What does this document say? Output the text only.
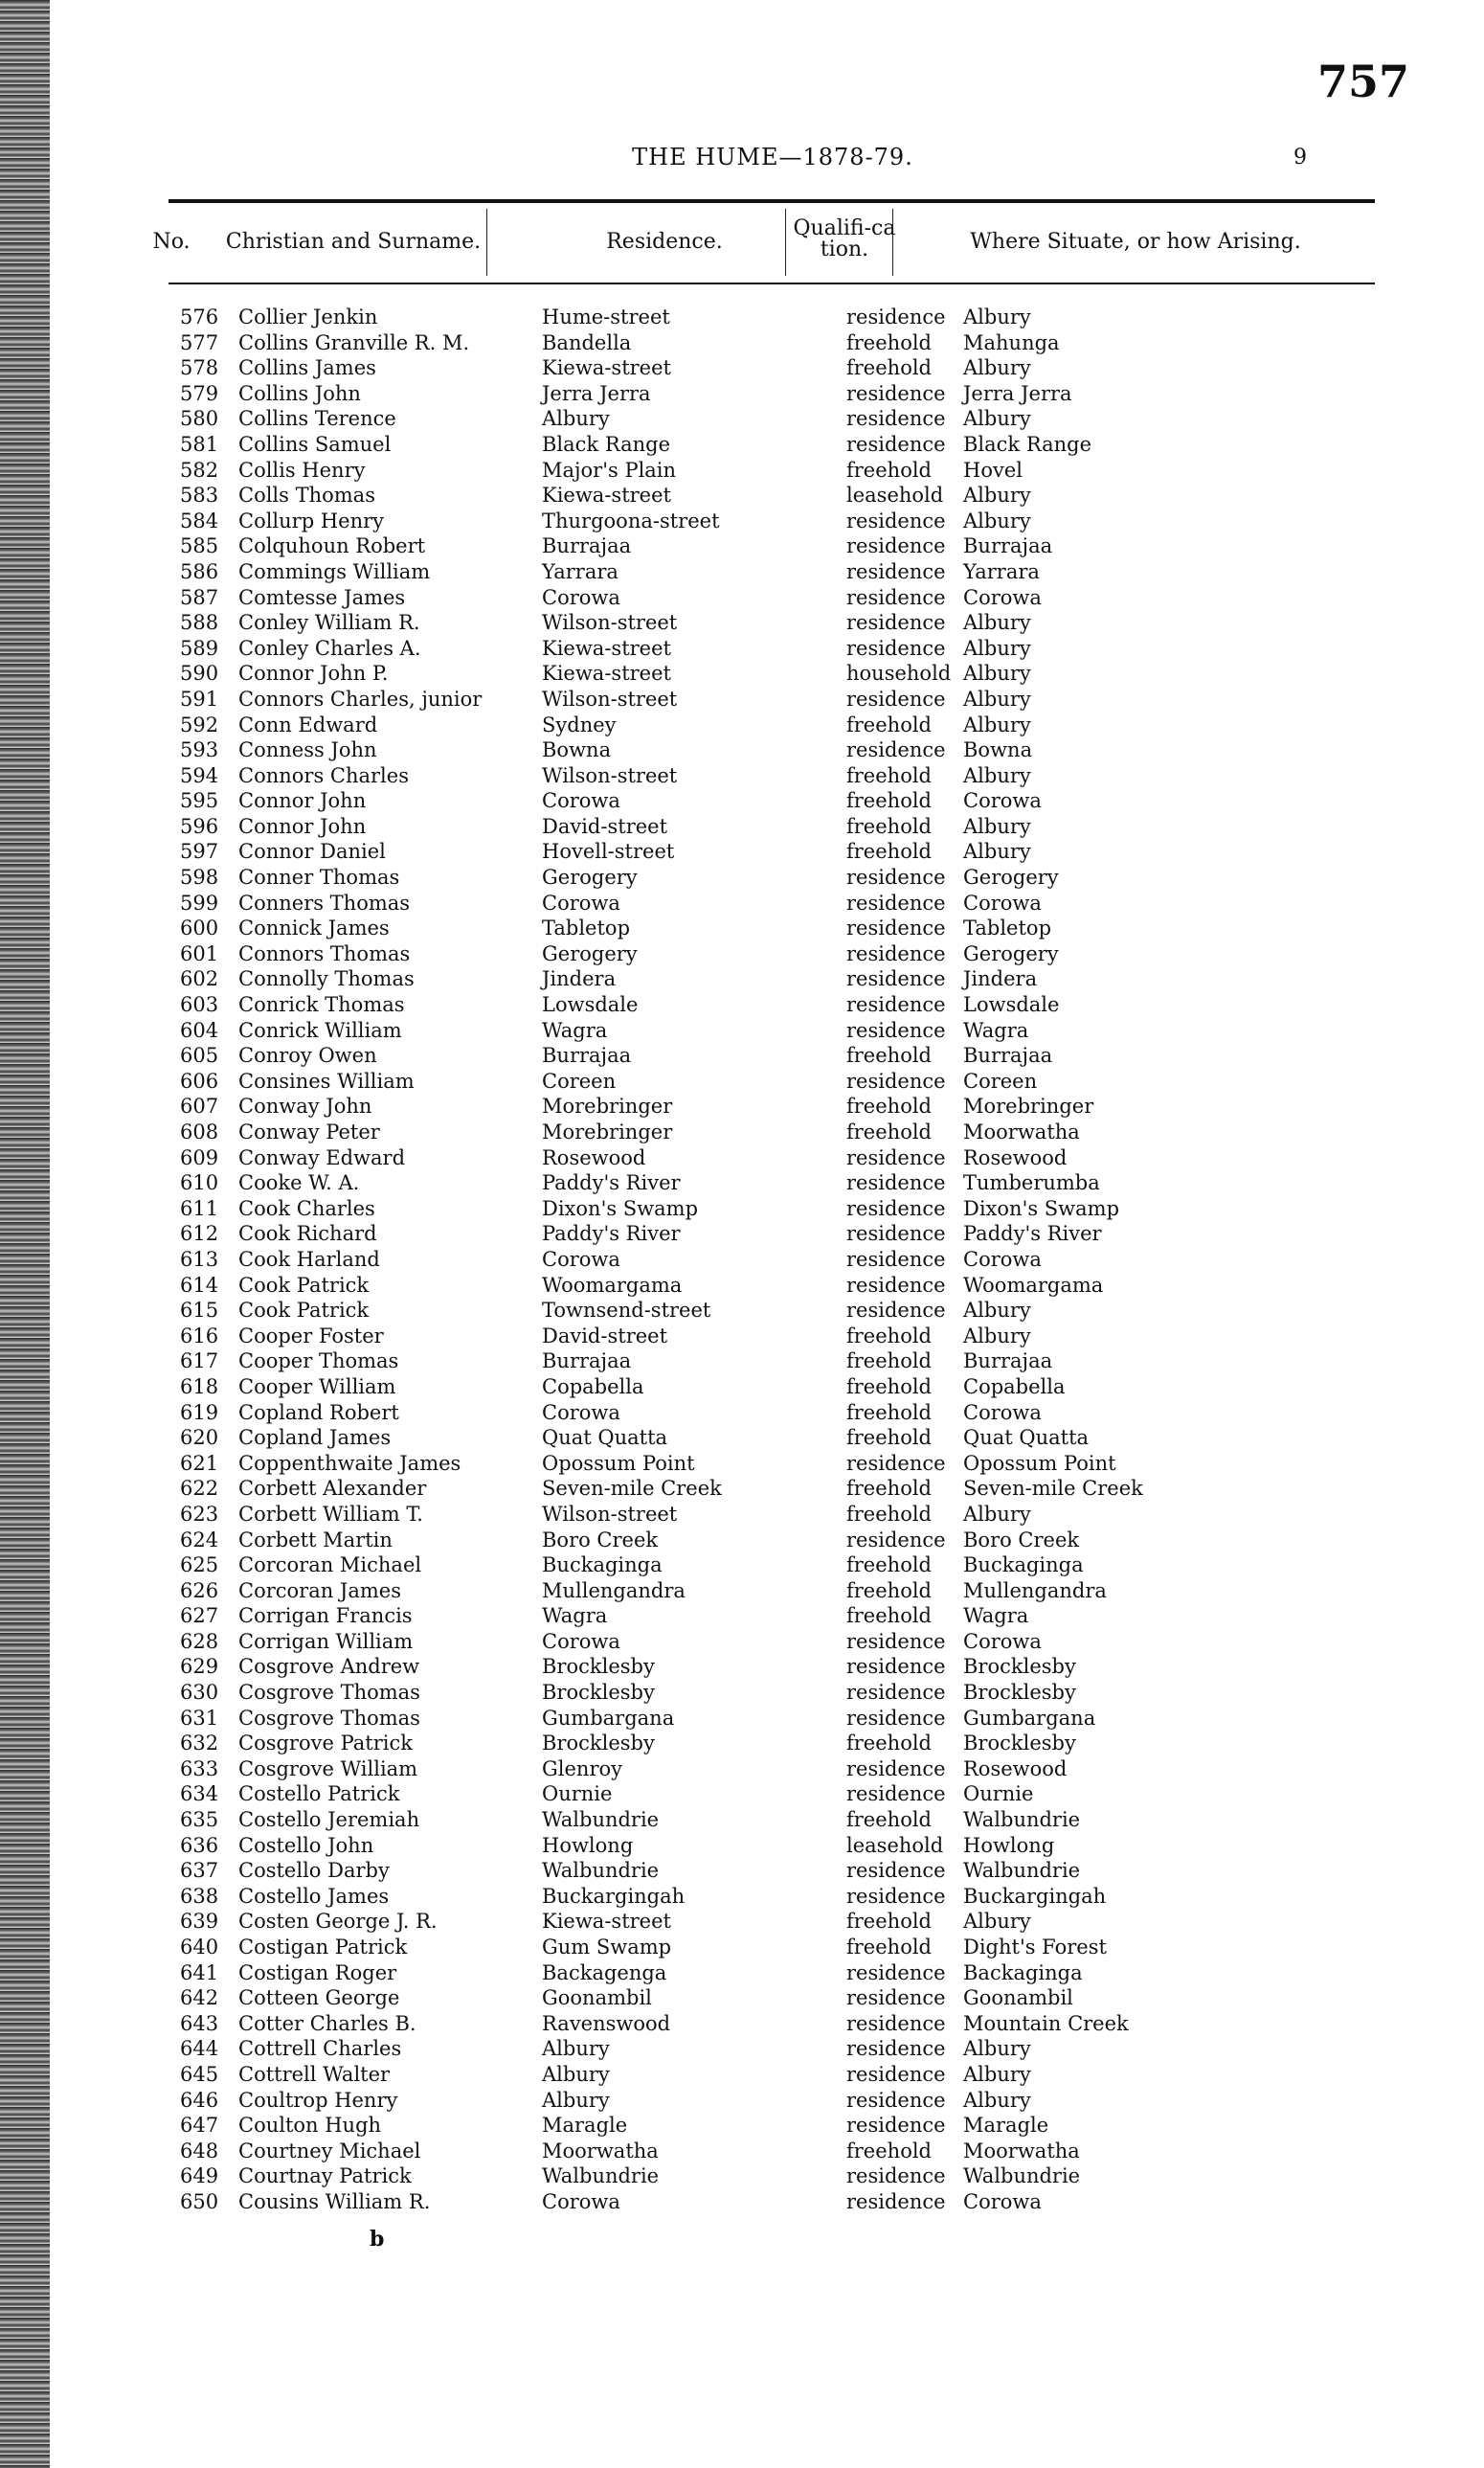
757
THE HUME—1878-79.	9
No.	Christian and Surname.	Residence.
Qualifi-cation.	Where Situate, or how Arising.
576 Collier Jenkin	Hume-street	residence Albury
577 Collins Granville R. M.	Bandella	freehold Mahunga
578 Collins James	Kiewa-street	freehold Albury
579 Collins John	Jerra Jerra	residence Jerra Jerra
580 Collins Terence	Albury	residence Albury
581 Collins Samuel	Black Range	residence Black Range
582 Collis Henry	Major's Plain	freehold Hovel
583 Colls Thomas	Kiewa-street	leasehold Albury
584 Collurp Henry	Thurgoona-street	residence Albury
585 Colquhoun Robert	Burrajaa	residence Burrajaa
586 Commings William	Yarrara	residence Yarrara
587 Comtesse James	Corowa	residence Corowa
588 Conley William R.	Wilson-street	residence Albury
589 Conley Charles A.	Kiewa-street	residence Albury
590 Connor John P.	Kiewa-street	household Albury
591 Connors Charles, junior	Wilson-street	residence Albury
592 Conn Edward	Sydney	freehold Albury
593 Conness John	Bowna	residence Bowna
594 Connors Charles	Wilson-street	freehold Albury
595 Connor John	Corowa	freehold Corowa
596 Connor John	David-street	freehold Albury
597 Connor Daniel	Hovell-street	freehold Albury
598 Conner Thomas	Gerogery	residence Gerogery
599 Conners Thomas	Corowa	residence Corowa
600 Connick James	Tabletop	residence Tabletop
601 Connors Thomas	Gerogery	residence Gerogery
602 Connolly Thomas	Jindera	residence Jindera
603 Conrick Thomas	Lowsdale	residence Lowsdale
604 Conrick William	Wagra	residence Wagra
605 Conroy Owen	Burrajaa	freehold Burrajaa
606 Consines William	Coreen	residence Coreen
607 Conway John	Morebringer	freehold Morebringer
608 Conway Peter	Morebringer	freehold Moorwatha
609 Conway Edward	Rosewood	residence Rosewood
610 Cooke W. A.	Paddy's River	residence Tumberumba
611 Cook Charles	Dixon's Swamp	residence Dixon's Swamp
612 Cook Richard	Paddy's River	residence Paddy's River
613 Cook Harland	Corowa	residence Corowa
614 Cook Patrick	Woomargama	residence Woomargama
615 Cook Patrick	Townsend-street	residence Albury
616 Cooper Foster	David-street	freehold Albury
617 Cooper Thomas	Burrajaa	freehold Burrajaa
618 Cooper William	Copabella	freehold Copabella
619 Copland Robert	Corowa	freehold Corowa
620 Copland James	Quat Quatta	freehold Quat Quatta
621 Coppenthwaite James	Opossum Point	residence Opossum Point
622 Corbett Alexander	Seven-mile Creek	freehold Seven-mile Creek
623 Corbett William T.	Wilson-street	freehold Albury
624 Corbett Martin	Boro Creek	residence Boro Creek
625 Corcoran Michael	Buckaginga	freehold Buckaginga
626 Corcoran James	Mullengandra	freehold Mullengandra
627 Corrigan Francis	Wagra	freehold Wagra
628 Corrigan William	Corowa	residence Corowa
629 Cosgrove Andrew	Brocklesby	residence Brocklesby
630 Cosgrove Thomas	Brocklesby	residence Brocklesby
631 Cosgrove Thomas	Gumbargana	residence Gumbargana
632 Cosgrove Patrick	Brocklesby	freehold Brocklesby
633 Cosgrove William	Glenroy	residence Rosewood
634 Costello Patrick	Ournie	residence Ournie
635 Costello Jeremiah	Walbundrie	freehold Walbundrie
636 Costello John	Howlong	leasehold Howlong
637 Costello Darby	Walbundrie	residence Walbundrie
638 Costello James	Buckargingah	residence Buckargingah
639 Costen George J. R.	Kiewa-street	freehold Albury
640 Costigan Patrick	Gum Swamp	freehold Dight's Forest
641 Costigan Roger	Backagenga	residence Backaginga
642 Cotteen George	Goonambil	residence Goonambil
643 Cotter Charles B.	Ravenswood	residence Mountain Creek
644 Cottrell Charles	Albury	residence Albury
645 Cottrell Walter	Albury	residence Albury
646 Coultrop Henry	Albury	residence Albury
647 Coulton Hugh	Maragle	residence Maragle
648 Courtney Michael	Moorwatha	freehold Moorwatha
649 Courtnay Patrick	Walbundrie	residence Walbundrie
650 Cousins William R.	Corowa	residence Corowa
b
